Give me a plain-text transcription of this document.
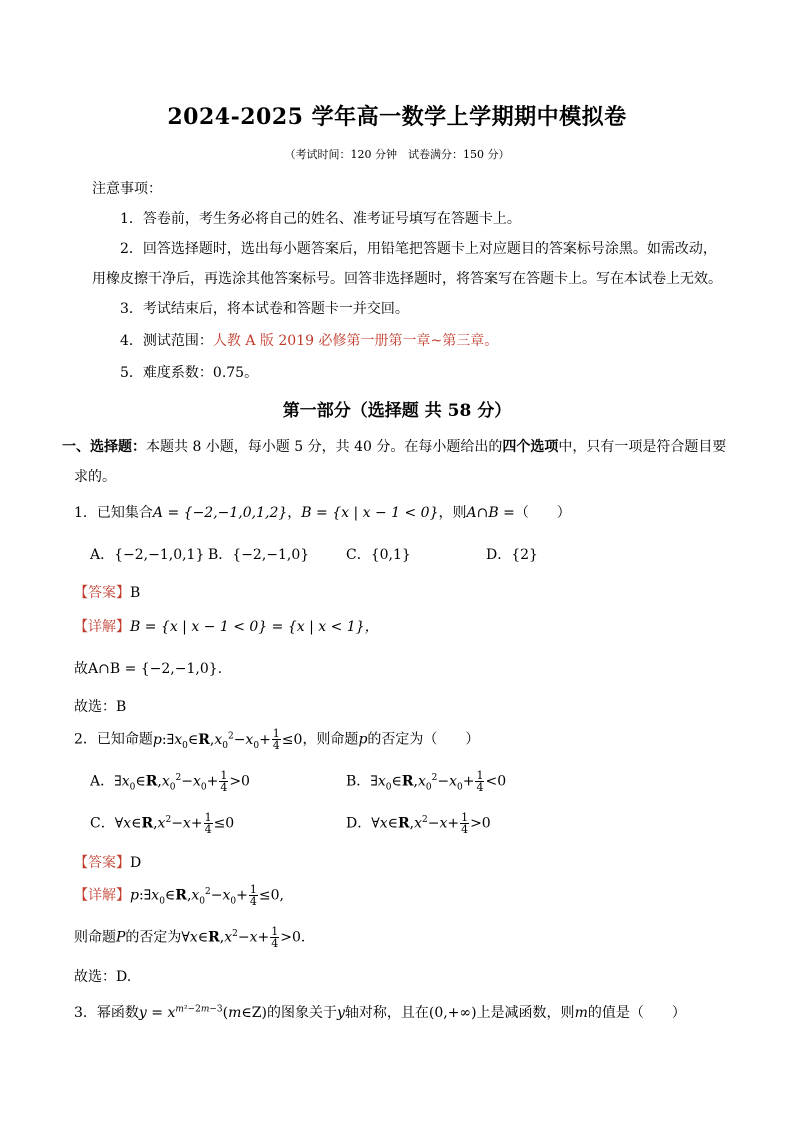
2024-2025 学年高一数学上学期期中模拟卷
（考试时间：120 分钟　试卷满分：150 分）
注意事项：
1．答卷前，考生务必将自己的姓名、准考证号填写在答题卡上。
2．回答选择题时，选出每小题答案后，用铅笔把答题卡上对应题目的答案标号涂黑。如需改动，
用橡皮擦干净后，再选涂其他答案标号。回答非选择题时，将答案写在答题卡上。写在本试卷上无效。
3．考试结束后，将本试卷和答题卡一并交回。
4．测试范围：人教 A 版 2019 必修第一册第一章~第三章。
5．难度系数：0.75。
第一部分（选择题 共 58 分）
一、选择题：本题共 8 小题，每小题 5 分，共 40 分。在每小题给出的四个选项中，只有一项是符合题目要
求的。
1．已知集合A = {−2,−1,0,1,2}，B = {x | x − 1 < 0}，则A∩B =（　　）
A．{−2,−1,0,1} B．{−2,−1,0}	C．{0,1}	D．{2}
【答案】B
【详解】B = {x | x − 1 < 0} = {x | x < 1}，
故A∩B = {−2,−1,0}.
故选：B
2．已知命题$p:\exists x_0\in R,x_0^2-x_0+ \frac{1}{4} \le 0$，则命题p的否定为（　　）
A．$\exists x_0\in R,x_0^2-x_0+ \frac{1}{4} >0$	B．$\exists x_0\in R,x_0^2-x_0+ \frac{1}{4} <0$
C．$\forall x\in R,x^2-x+ \frac{1}{4} \le 0$	D．$\forall x\in R,x^2-x+ \frac{1}{4} >0$
【答案】D
【详解】$p:\exists x_0\in R,x_0^2-x_0+ \frac{1}{4} \le 0$,
则命题P的否定为$\forall x\in R,x^2-x+ \frac{1}{4} >0$.
故选：D.
3．幂函数$y = x^{m^2-2m-3}(m\in Z)$的图象关于y轴对称，且在(0,+∞)上是减函数，则m的值是（　　）
